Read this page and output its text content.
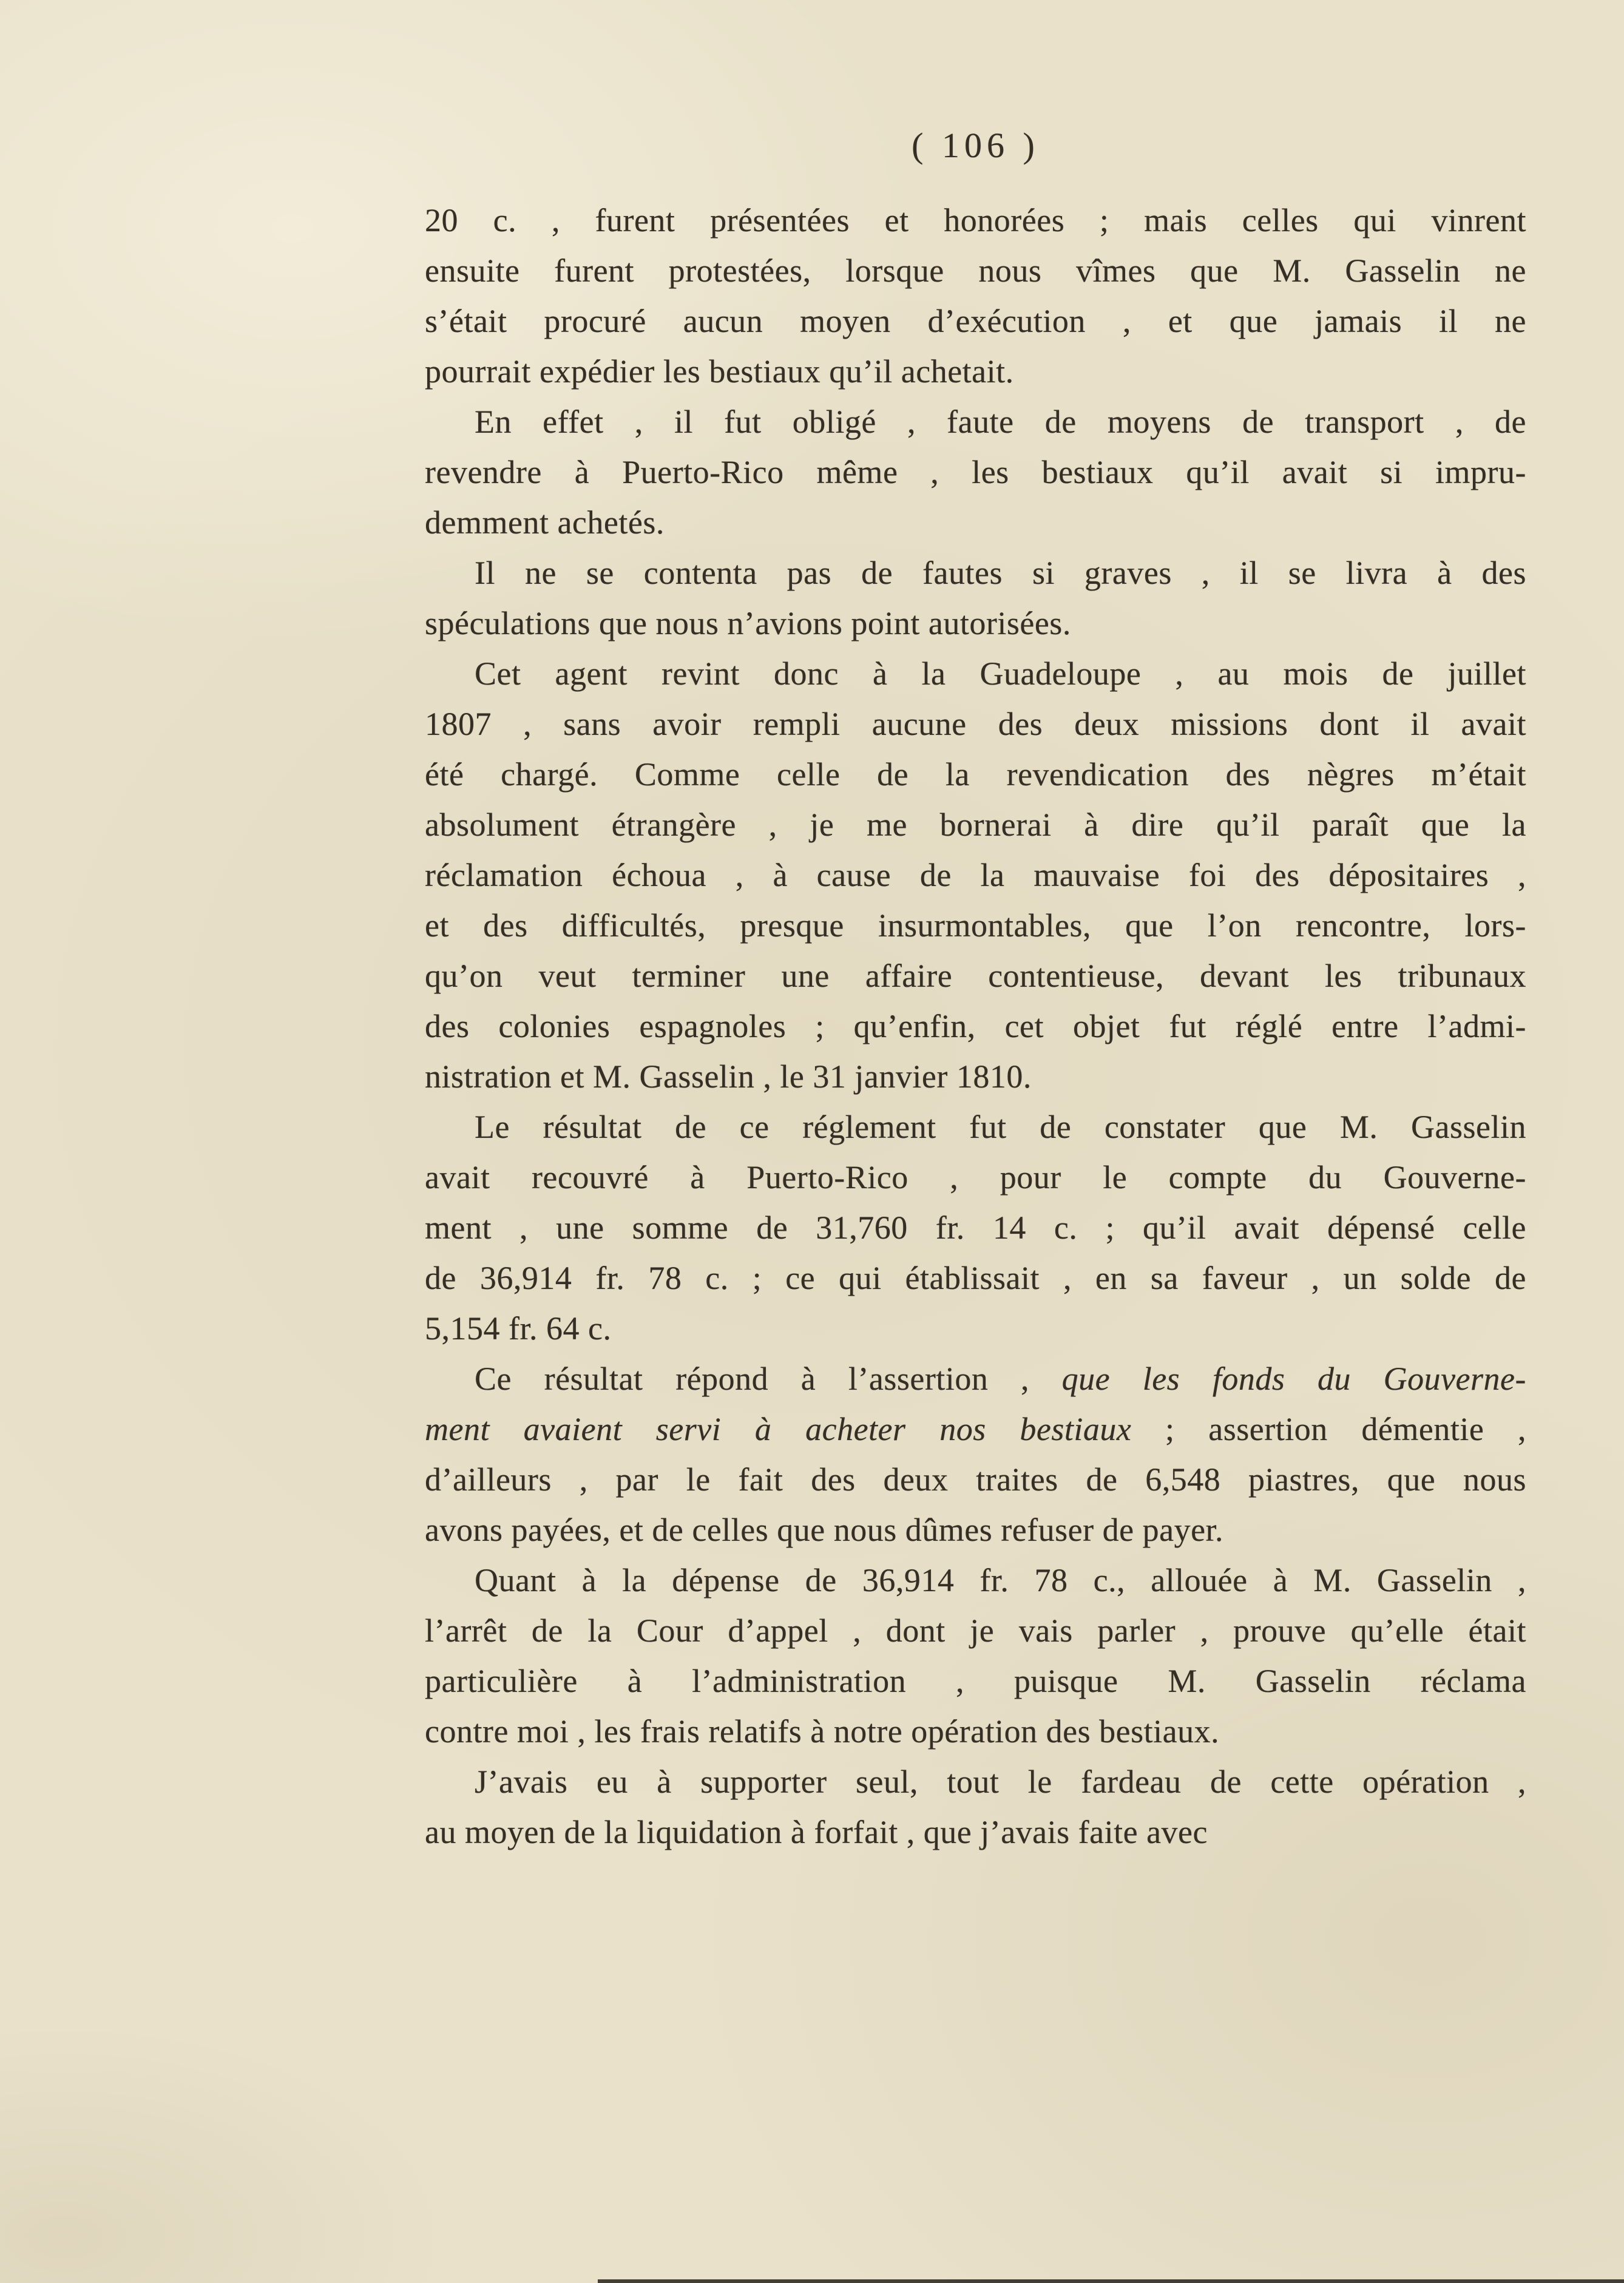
( 106 )
20 c. , furent présentées et honorées ; mais celles qui vinrent
ensuite furent protestées, lorsque nous vîmes que M. Gasselin ne
s’était procuré aucun moyen d’exécution , et que jamais il ne
pourrait expédier les bestiaux qu’il achetait.
En effet , il fut obligé , faute de moyens de transport , de
revendre à Puerto-Rico même , les bestiaux qu’il avait si impru-
demment achetés.
Il ne se contenta pas de fautes si graves , il se livra à des
spéculations que nous n’avions point autorisées.
Cet agent revint donc à la Guadeloupe , au mois de juillet
1807 , sans avoir rempli aucune des deux missions dont il avait
été chargé. Comme celle de la revendication des nègres m’était
absolument étrangère , je me bornerai à dire qu’il paraît que la
réclamation échoua , à cause de la mauvaise foi des dépositaires ,
et des difficultés, presque insurmontables, que l’on rencontre, lors-
qu’on veut terminer une affaire contentieuse, devant les tribunaux
des colonies espagnoles ; qu’enfin, cet objet fut réglé entre l’admi-
nistration et M. Gasselin , le 31 janvier 1810.
Le résultat de ce réglement fut de constater que M. Gasselin
avait recouvré à Puerto-Rico , pour le compte du Gouverne-
ment , une somme de 31,760 fr. 14 c. ; qu’il avait dépensé celle
de 36,914 fr. 78 c. ; ce qui établissait , en sa faveur , un solde de
5,154 fr. 64 c.
Ce résultat répond à l’assertion , que les fonds du Gouverne-
ment avaient servi à acheter nos bestiaux ; assertion démentie ,
d’ailleurs , par le fait des deux traites de 6,548 piastres, que nous
avons payées, et de celles que nous dûmes refuser de payer.
Quant à la dépense de 36,914 fr. 78 c., allouée à M. Gasselin ,
l’arrêt de la Cour d’appel , dont je vais parler , prouve qu’elle était
particulière à l’administration , puisque M. Gasselin réclama
contre moi , les frais relatifs à notre opération des bestiaux.
J’avais eu à supporter seul, tout le fardeau de cette opération ,
au moyen de la liquidation à forfait , que j’avais faite avec
